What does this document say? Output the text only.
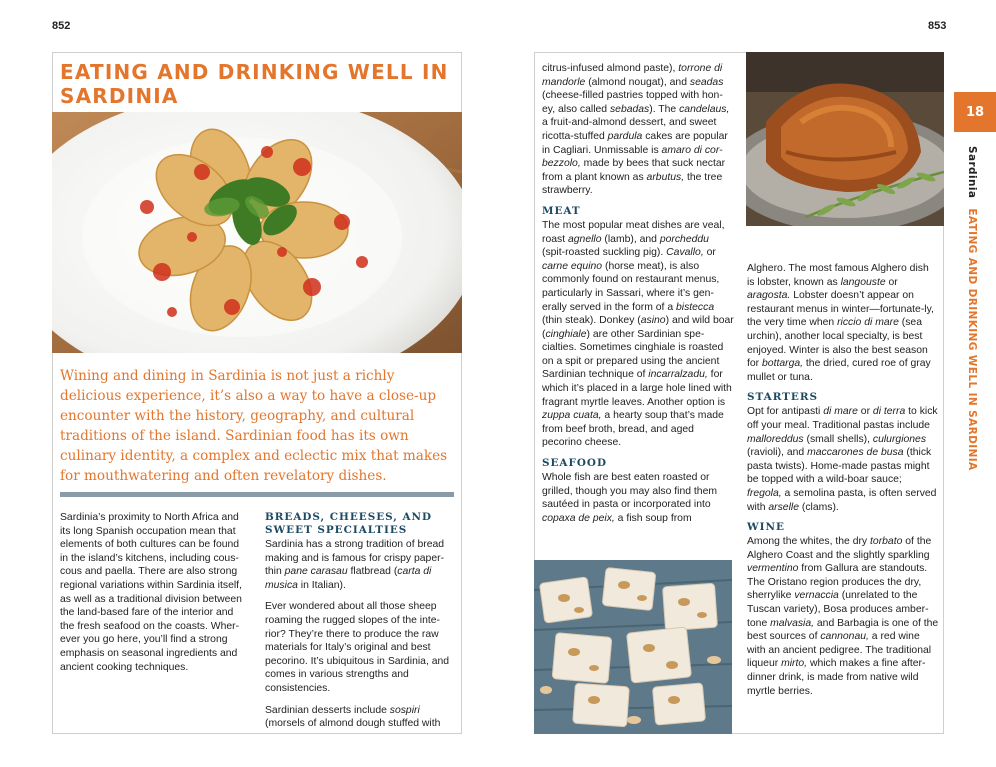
852	853
EATING AND DRINKING WELL IN SARDINIA

Wining and dining in Sardinia is not just a richly delicious experience, it’s also a way to have a close-up encounter with the history, geography, and cultural traditions of the island. Sardinian food has its own culinary identity, a complex and eclectic mix that makes for mouthwatering and often revelatory dishes.

Sardinia’s proximity to North Africa and its long Spanish occupation mean that elements of both cultures can be found in the island’s kitchens, including cous-cous and paella. There are also strong regional variations within Sardinia itself, as well as a traditional division between the land-based fare of the interior and the fresh seafood on the coasts. Wher-ever you go here, you’ll find a strong emphasis on seasonal ingredients and ancient cooking techniques.

BREADS, CHEESES, AND SWEET SPECIALTIES

Sardinia has a strong tradition of bread making and is famous for crispy paper-thin pane carasau flatbread (carta di musica in Italian).

Ever wondered about all those sheep roaming the rugged slopes of the inte-rior? They’re there to produce the raw materials for Italy’s original and best pecorino. It’s ubiquitous in Sardinia, and comes in various strengths and consistencies.

Sardinian desserts include sospiri (morsels of almond dough stuffed with

citrus-infused almond paste), torrone di mandorle (almond nougat), and seadas (cheese-filled pastries topped with hon-ey, also called sebadas). The candelaus, a fruit-and-almond dessert, and sweet ricotta-stuffed pardula cakes are popular in Cagliari. Unmissable is amaro di cor-bezzolo, made by bees that suck nectar from a plant known as arbutus, the tree strawberry.

MEAT

The most popular meat dishes are veal, roast agnello (lamb), and porcheddu (spit-roasted suckling pig). Cavallo, or carne equino (horse meat), is also commonly found on restaurant menus, particularly in Sassari, where it’s gen-erally served in the form of a bistecca (thin steak). Donkey (asino) and wild boar (cinghiale) are other Sardinian spe-cialties. Sometimes cinghiale is roasted on a spit or prepared using the ancient Sardinian technique of incarralzadu, for which it’s placed in a large hole lined with fragrant myrtle leaves. Another option is zuppa cuata, a hearty soup that’s made from beef broth, bread, and aged pecorino cheese.

SEAFOOD

Whole fish are best eaten roasted or grilled, though you may also find them sautéed in pasta or incorporated into copaxa de peix, a fish soup from

Alghero. The most famous Alghero dish is lobster, known as langouste or aragosta. Lobster doesn’t appear on restaurant menus in winter—fortunate-ly, the very time when riccio di mare (sea urchin), another local specialty, is best enjoyed. Winter is also the best season for bottarga, the dried, cured roe of gray mullet or tuna.

STARTERS

Opt for antipasti di mare or di terra to kick off your meal. Traditional pastas include malloreddus (small shells), culurgiones (ravioli), and maccarones de busa (thick pasta twists). Home-made pastas might be topped with a wild-boar sauce; fregola, a semolina pasta, is often served with arselle (clams).

WINE

Among the whites, the dry torbato of the Alghero Coast and the slightly sparkling vermentino from Gallura are standouts. The Oristano region produces the dry, sherrylike vernaccia (unrelated to the Tuscan variety), Bosa produces amber-tone malvasia, and Barbagia is one of the best sources of cannonau, a red wine with an ancient pedigree. The traditional liqueur mirto, which makes a fine after-dinner drink, is made from native wild myrtle berries.

18
SardiniaEATING AND DRINKING WELL IN SARDINIA
